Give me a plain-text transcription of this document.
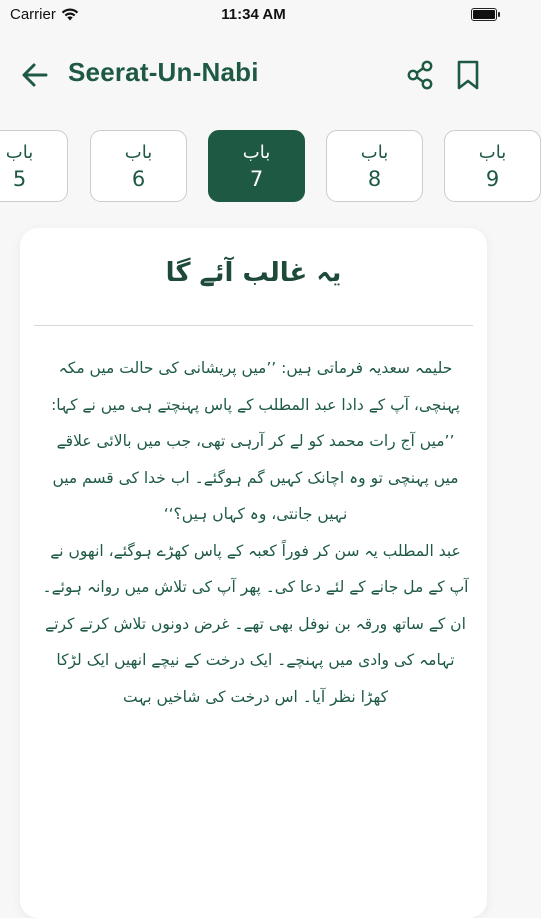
Carrier	11:34 AM
Seerat-Un-Nabi
باب
5
باب
6
باب
7
باب
8
باب
9
یہ غالب آئے گا

حلیمہ سعدیہ فرماتی ہیں: ’’میں پریشانی کی حالت میں مکہ پہنچی، آپ کے دادا عبد المطلب کے پاس پہنچتے ہی میں نے کہا:

’’میں آج رات محمد کو لے کر آرہی تھی، جب میں بالائی علاقے میں پہنچی تو وہ اچانک کہیں گم ہوگئے۔ اب خدا کی قسم میں نہیں جانتی، وہ کہاں ہیں؟‘‘

عبد المطلب یہ سن کر فوراً کعبہ کے پاس کھڑے ہوگئے، انھوں نے آپ کے مل جانے کے لئے دعا کی۔ پھر آپ کی تلاش میں روانہ ہوئے۔ ان کے ساتھ ورقہ بن نوفل بھی تھے۔ غرض دونوں تلاش کرتے کرتے تہامہ کی وادی میں پہنچے۔ ایک درخت کے نیچے انھیں ایک لڑکا کھڑا نظر آیا۔ اس درخت کی شاخیں بہت
